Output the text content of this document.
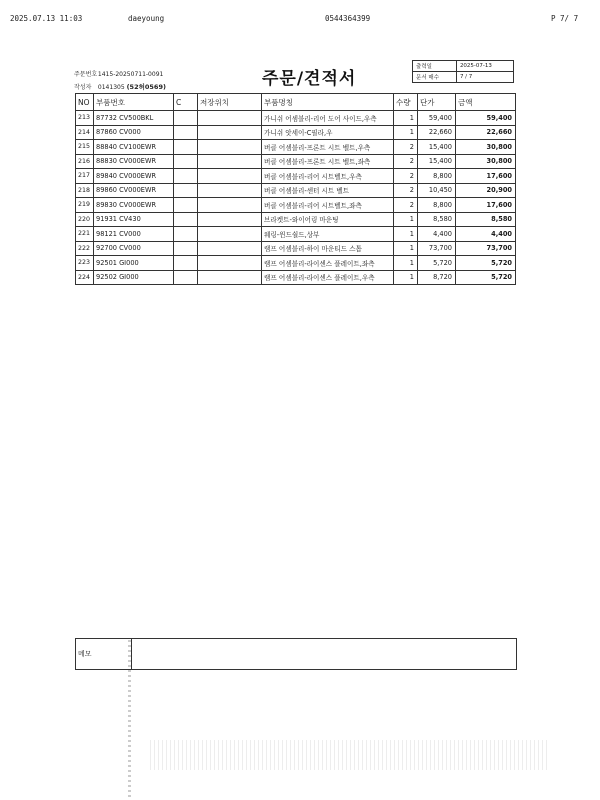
2025.07.13 11:03	daeyoung	0544364399	P 7/ 7
주문번호 1415-20250711-0091
작성자 0141305 (52허0569)	주문/견적서
출력일	2025-07-13
문서 매수	7 / 7
NO	부품번호	C	저장위치	부품명칭	수량	단가	금액
213	87732 CV500BKL			가니쉬 어셈블리-리어 도어 사이드,우측	1	59,400	59,400
214	87860 CV000			가니쉬 앗세이-C필라,우	1	22,660	22,660
215	88840 CV100EWR			버클 어셈블리-프론트 시트 벨트,우측	2	15,400	30,800
216	88830 CV000EWR			버클 어셈블리-프론트 시트 벨트,좌측	2	15,400	30,800
217	89840 CV000EWR			버클 어셈블리-리어 시트벨트,우측	2	8,800	17,600
218	89860 CV000EWR			버클 어셈블리-센터 시트 벨트	2	10,450	20,900
219	89830 CV000EWR			버클 어셈블리-리어 시트벨트,좌측	2	8,800	17,600
220	91931 CV430			브라켓트-와이어링 마운팅	1	8,580	8,580
221	98121 CV000			웨링-윈드쉴드,상부	1	4,400	4,400
222	92700 CV000			램프 어셈블리-하이 마운티드 스톱	1	73,700	73,700
223	92501 GI000			램프 어셈블리-라이센스 플레이트,좌측	1	5,720	5,720
224	92502 GI000			램프 어셈블리-라이센스 플레이트,우측	1	8,720	5,720
메모	
